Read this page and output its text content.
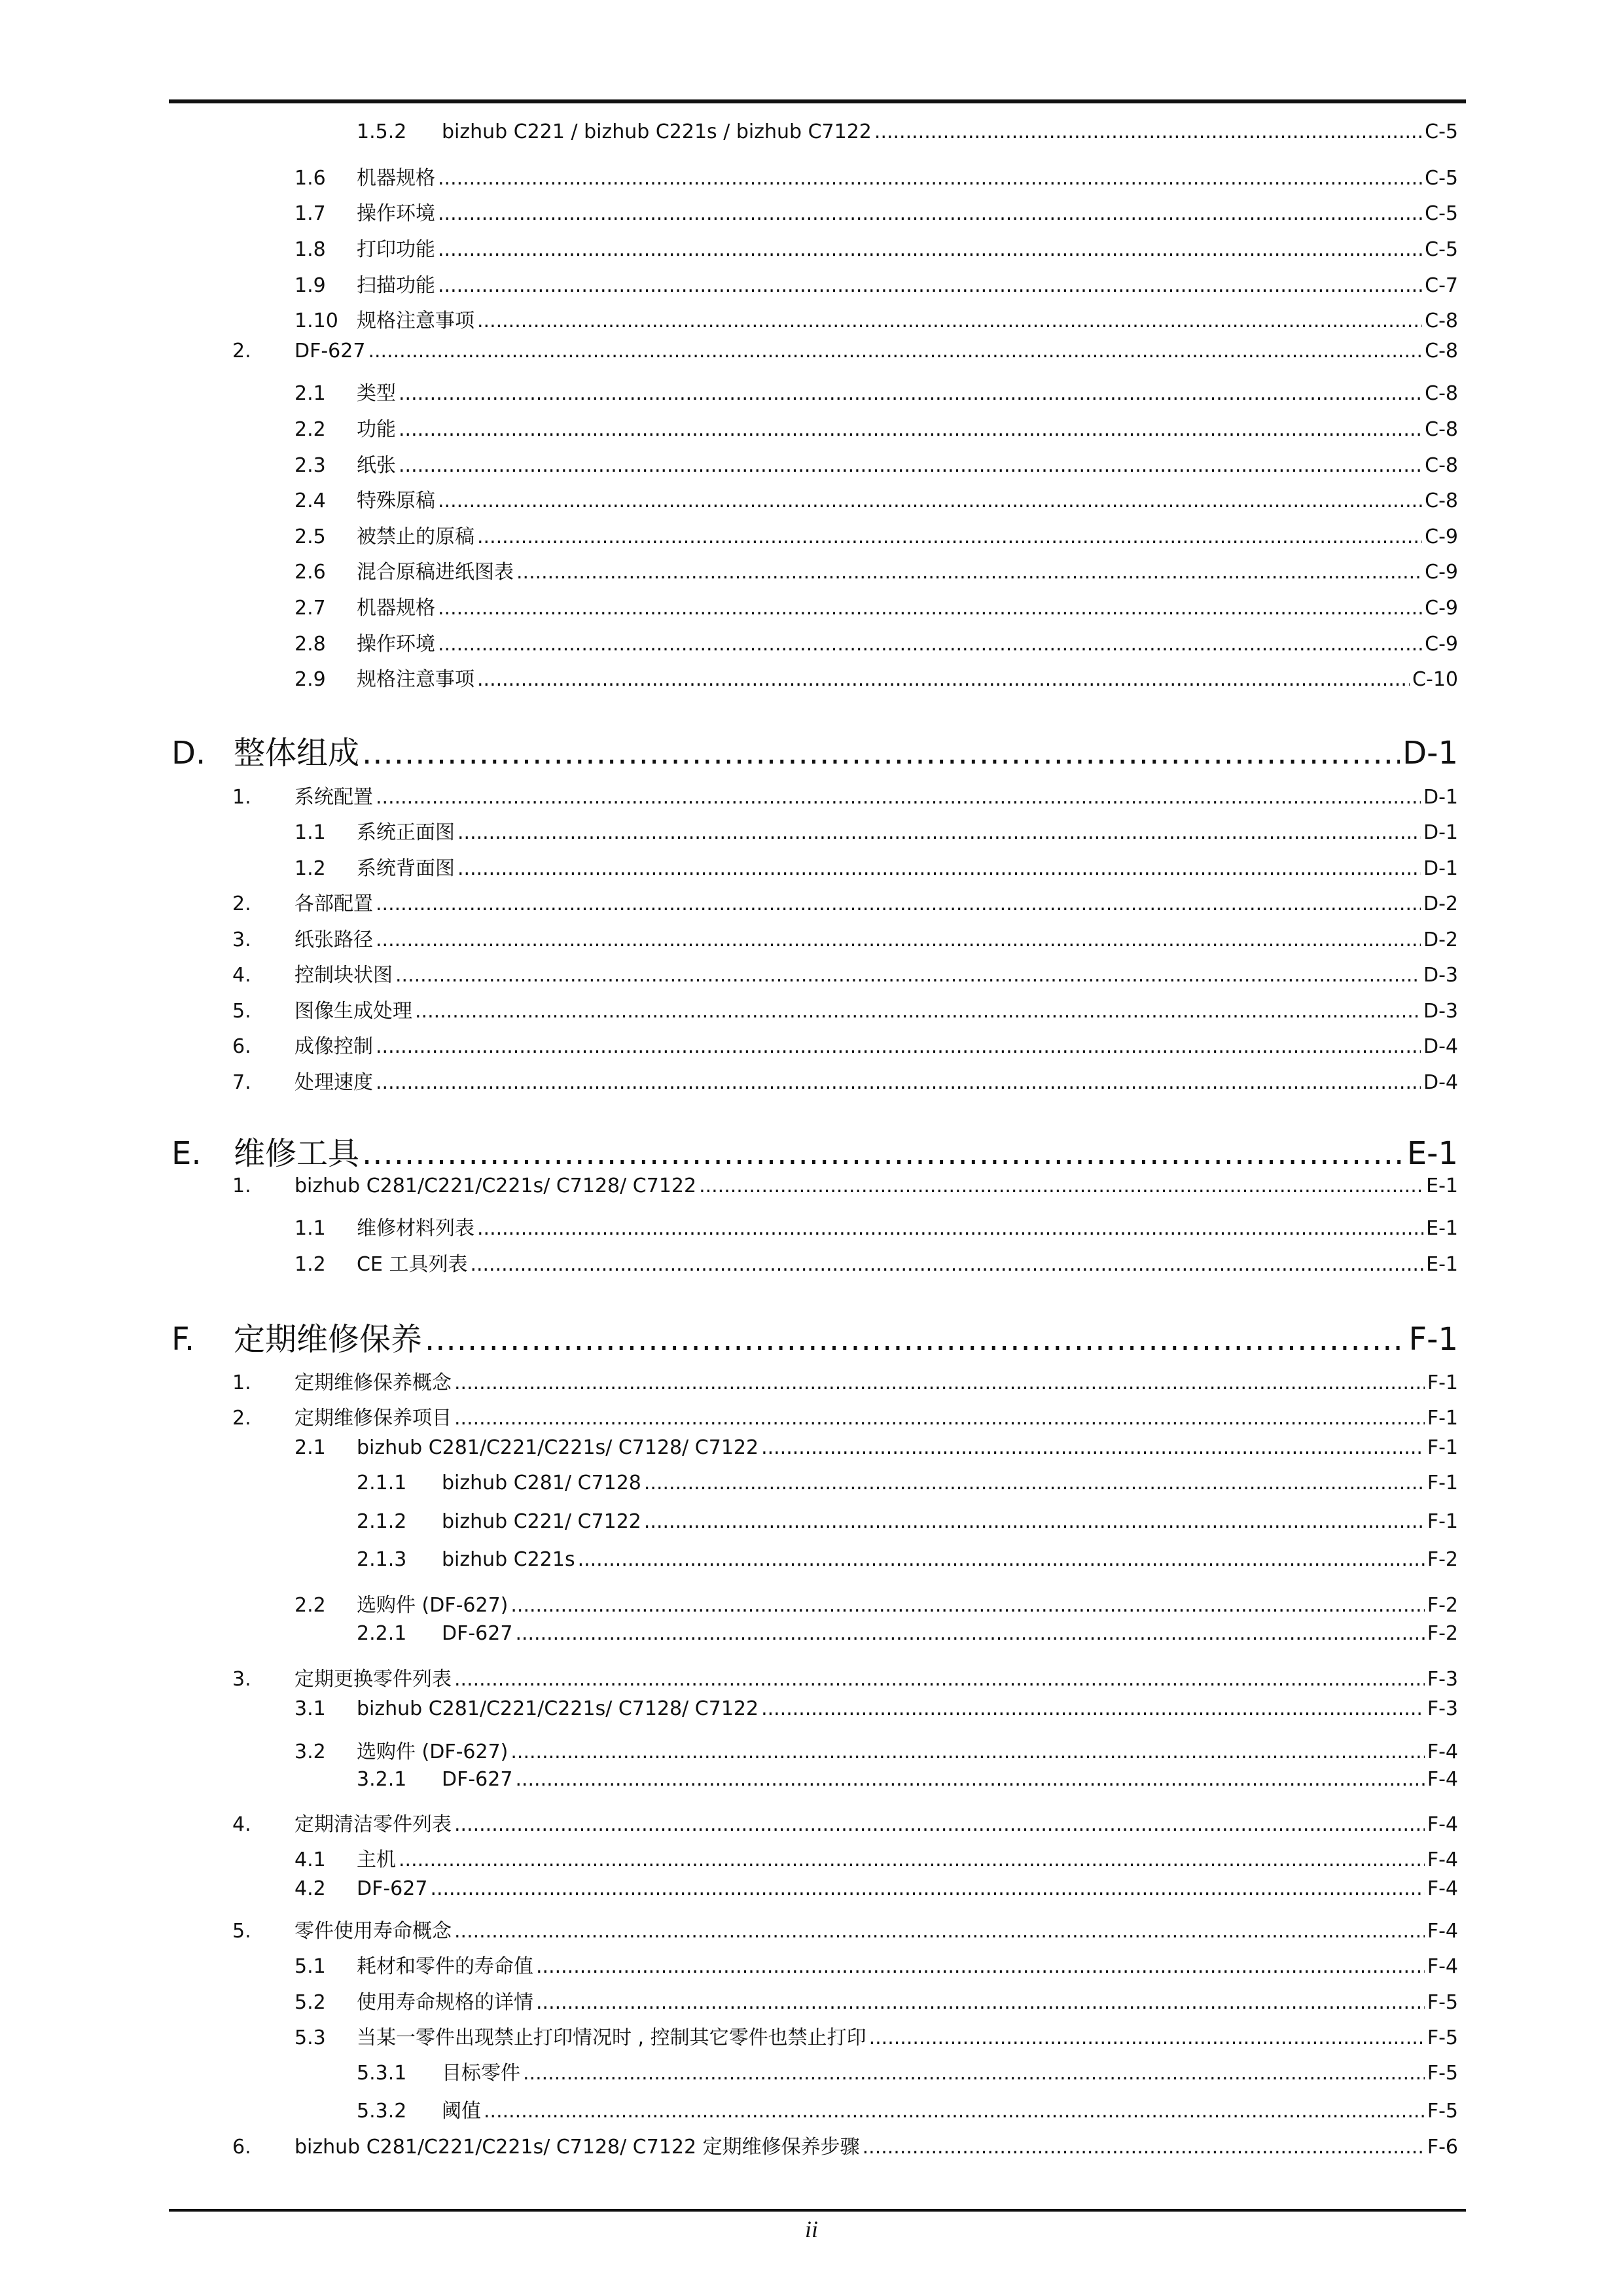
1.5.2	bizhub C221 / bizhub C221s / bizhub C7122 .....	C-5
1.6	机器规格 .....	C-5
1.7	操作环境 .....	C-5
1.8	打印功能 .....	C-5
1.9	扫描功能 .....	C-7
1.10 规格注意事项 .....	C-8
2.	DF-627 .....	C-8
2.1	类型 .....	C-8
2.2	功能 .....	C-8
2.3	纸张 .....	C-8
2.4	特殊原稿 .....	C-8
2.5	被禁止的原稿 .....	C-9
2.6	混合原稿进纸图表 .....	C-9
2.7	机器规格 .....	C-9
2.8	操作环境 .....	C-9
2.9	规格注意事项 .....	C-10
D. 整体组成 .....	D-1
1.	系统配置 .....	D-1
1.1	系统正面图 .....	D-1
1.2	系统背面图 .....	D-1
2.	各部配置 .....	D-2
3.	纸张路径 .....	D-2
4.	控制块状图 .....	D-3
5.	图像生成处理 .....	D-3
6.	成像控制 .....	D-4
7.	处理速度 .....	D-4
E.	维修工具 .....	E-1
1.	bizhub C281/C221/C221s/ C7128/ C7122 .....	E-1
1.1	维修材料列表 .....	E-1
1.2	CE 工具列表 .....	E-1
F.	定期维修保养 .....	F-1
1.	定期维修保养概念 .....	F-1
2.	定期维修保养项目 .....	F-1
2.1	bizhub C281/C221/C221s/ C7128/ C7122 .....	F-1
2.1.1	bizhub C281/ C7128 .....	F-1
2.1.2	bizhub C221/ C7122 .....	F-1
2.1.3	bizhub C221s .....	F-2
2.2	选购件 (DF-627) .....	F-2
2.2.1	DF-627 .....	F-2
3.	定期更换零件列表 .....	F-3
3.1	bizhub C281/C221/C221s/ C7128/ C7122 .....	F-3
3.2	选购件 (DF-627) .....	F-4
3.2.1	DF-627 .....	F-4
4.	定期清洁零件列表 .....	F-4
4.1	主机 .....	F-4
4.2	DF-627 .....	F-4
5.	零件使用寿命概念 .....	F-4
5.1	耗材和零件的寿命值 .....	F-4
5.2	使用寿命规格的详情 .....	F-5
5.3	当某一零件出现禁止打印情况时 , 控制其它零件也禁止打印 .....	F-5
5.3.1	目标零件 .....	F-5
5.3.2	阈值 .....	F-5
6.	bizhub C281/C221/C221s/ C7128/ C7122 定期维修保养步骤 .....	F-6
ii
